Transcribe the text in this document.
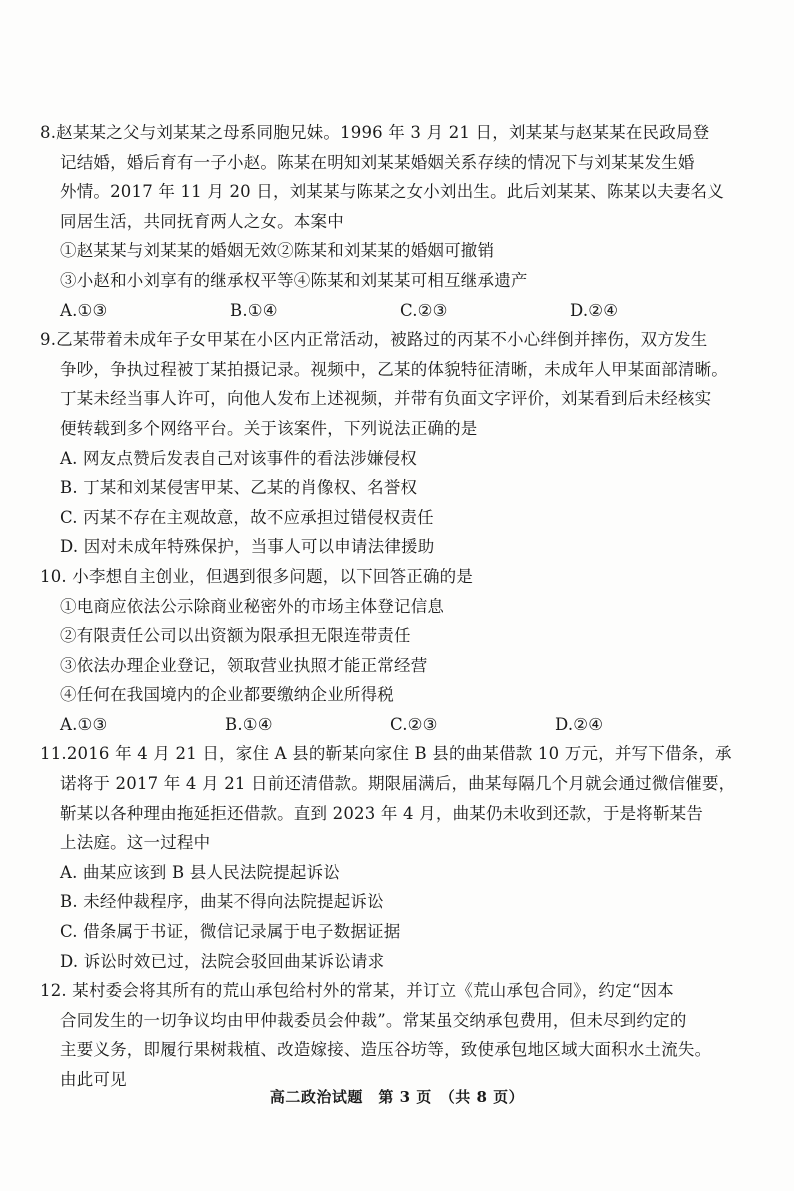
8.赵某某之父与刘某某之母系同胞兄妹。1996 年 3 月 21 日，刘某某与赵某某在民政局登
记结婚，婚后育有一子小赵。陈某在明知刘某某婚姻关系存续的情况下与刘某某发生婚
外情。2017 年 11 月 20 日，刘某某与陈某之女小刘出生。此后刘某某、陈某以夫妻名义
同居生活，共同抚育两人之女。本案中
①赵某某与刘某某的婚姻无效②陈某和刘某某的婚姻可撤销
③小赵和小刘享有的继承权平等④陈某和刘某某可相互继承遗产
A.①③	B.①④	C.②③	D.②④
9.乙某带着未成年子女甲某在小区内正常活动，被路过的丙某不小心绊倒并摔伤，双方发生
争吵，争执过程被丁某拍摄记录。视频中，乙某的体貌特征清晰，未成年人甲某面部清晰。
丁某未经当事人许可，向他人发布上述视频，并带有负面文字评价，刘某看到后未经核实
便转载到多个网络平台。关于该案件，下列说法正确的是
A. 网友点赞后发表自己对该事件的看法涉嫌侵权
B. 丁某和刘某侵害甲某、乙某的肖像权、名誉权
C. 丙某不存在主观故意，故不应承担过错侵权责任
D. 因对未成年特殊保护，当事人可以申请法律援助
10. 小李想自主创业，但遇到很多问题，以下回答正确的是
①电商应依法公示除商业秘密外的市场主体登记信息
②有限责任公司以出资额为限承担无限连带责任
③依法办理企业登记，领取营业执照才能正常经营
④任何在我国境内的企业都要缴纳企业所得税
A.①③	B.①④	C.②③	D.②④
11.2016 年 4 月 21 日，家住 A 县的靳某向家住 B 县的曲某借款 10 万元，并写下借条，承
诺将于 2017 年 4 月 21 日前还清借款。期限届满后，曲某每隔几个月就会通过微信催要，
靳某以各种理由拖延拒还借款。直到 2023 年 4 月，曲某仍未收到还款，于是将靳某告
上法庭。这一过程中
A. 曲某应该到 B 县人民法院提起诉讼
B. 未经仲裁程序，曲某不得向法院提起诉讼
C. 借条属于书证，微信记录属于电子数据证据
D. 诉讼时效已过，法院会驳回曲某诉讼请求
12. 某村委会将其所有的荒山承包给村外的常某，并订立《荒山承包合同》，约定“因本
合同发生的一切争议均由甲仲裁委员会仲裁”。常某虽交纳承包费用，但未尽到约定的
主要义务，即履行果树栽植、改造嫁接、造压谷坊等，致使承包地区域大面积水土流失。
由此可见
高二政治试题　第 3 页　（共 8 页）
